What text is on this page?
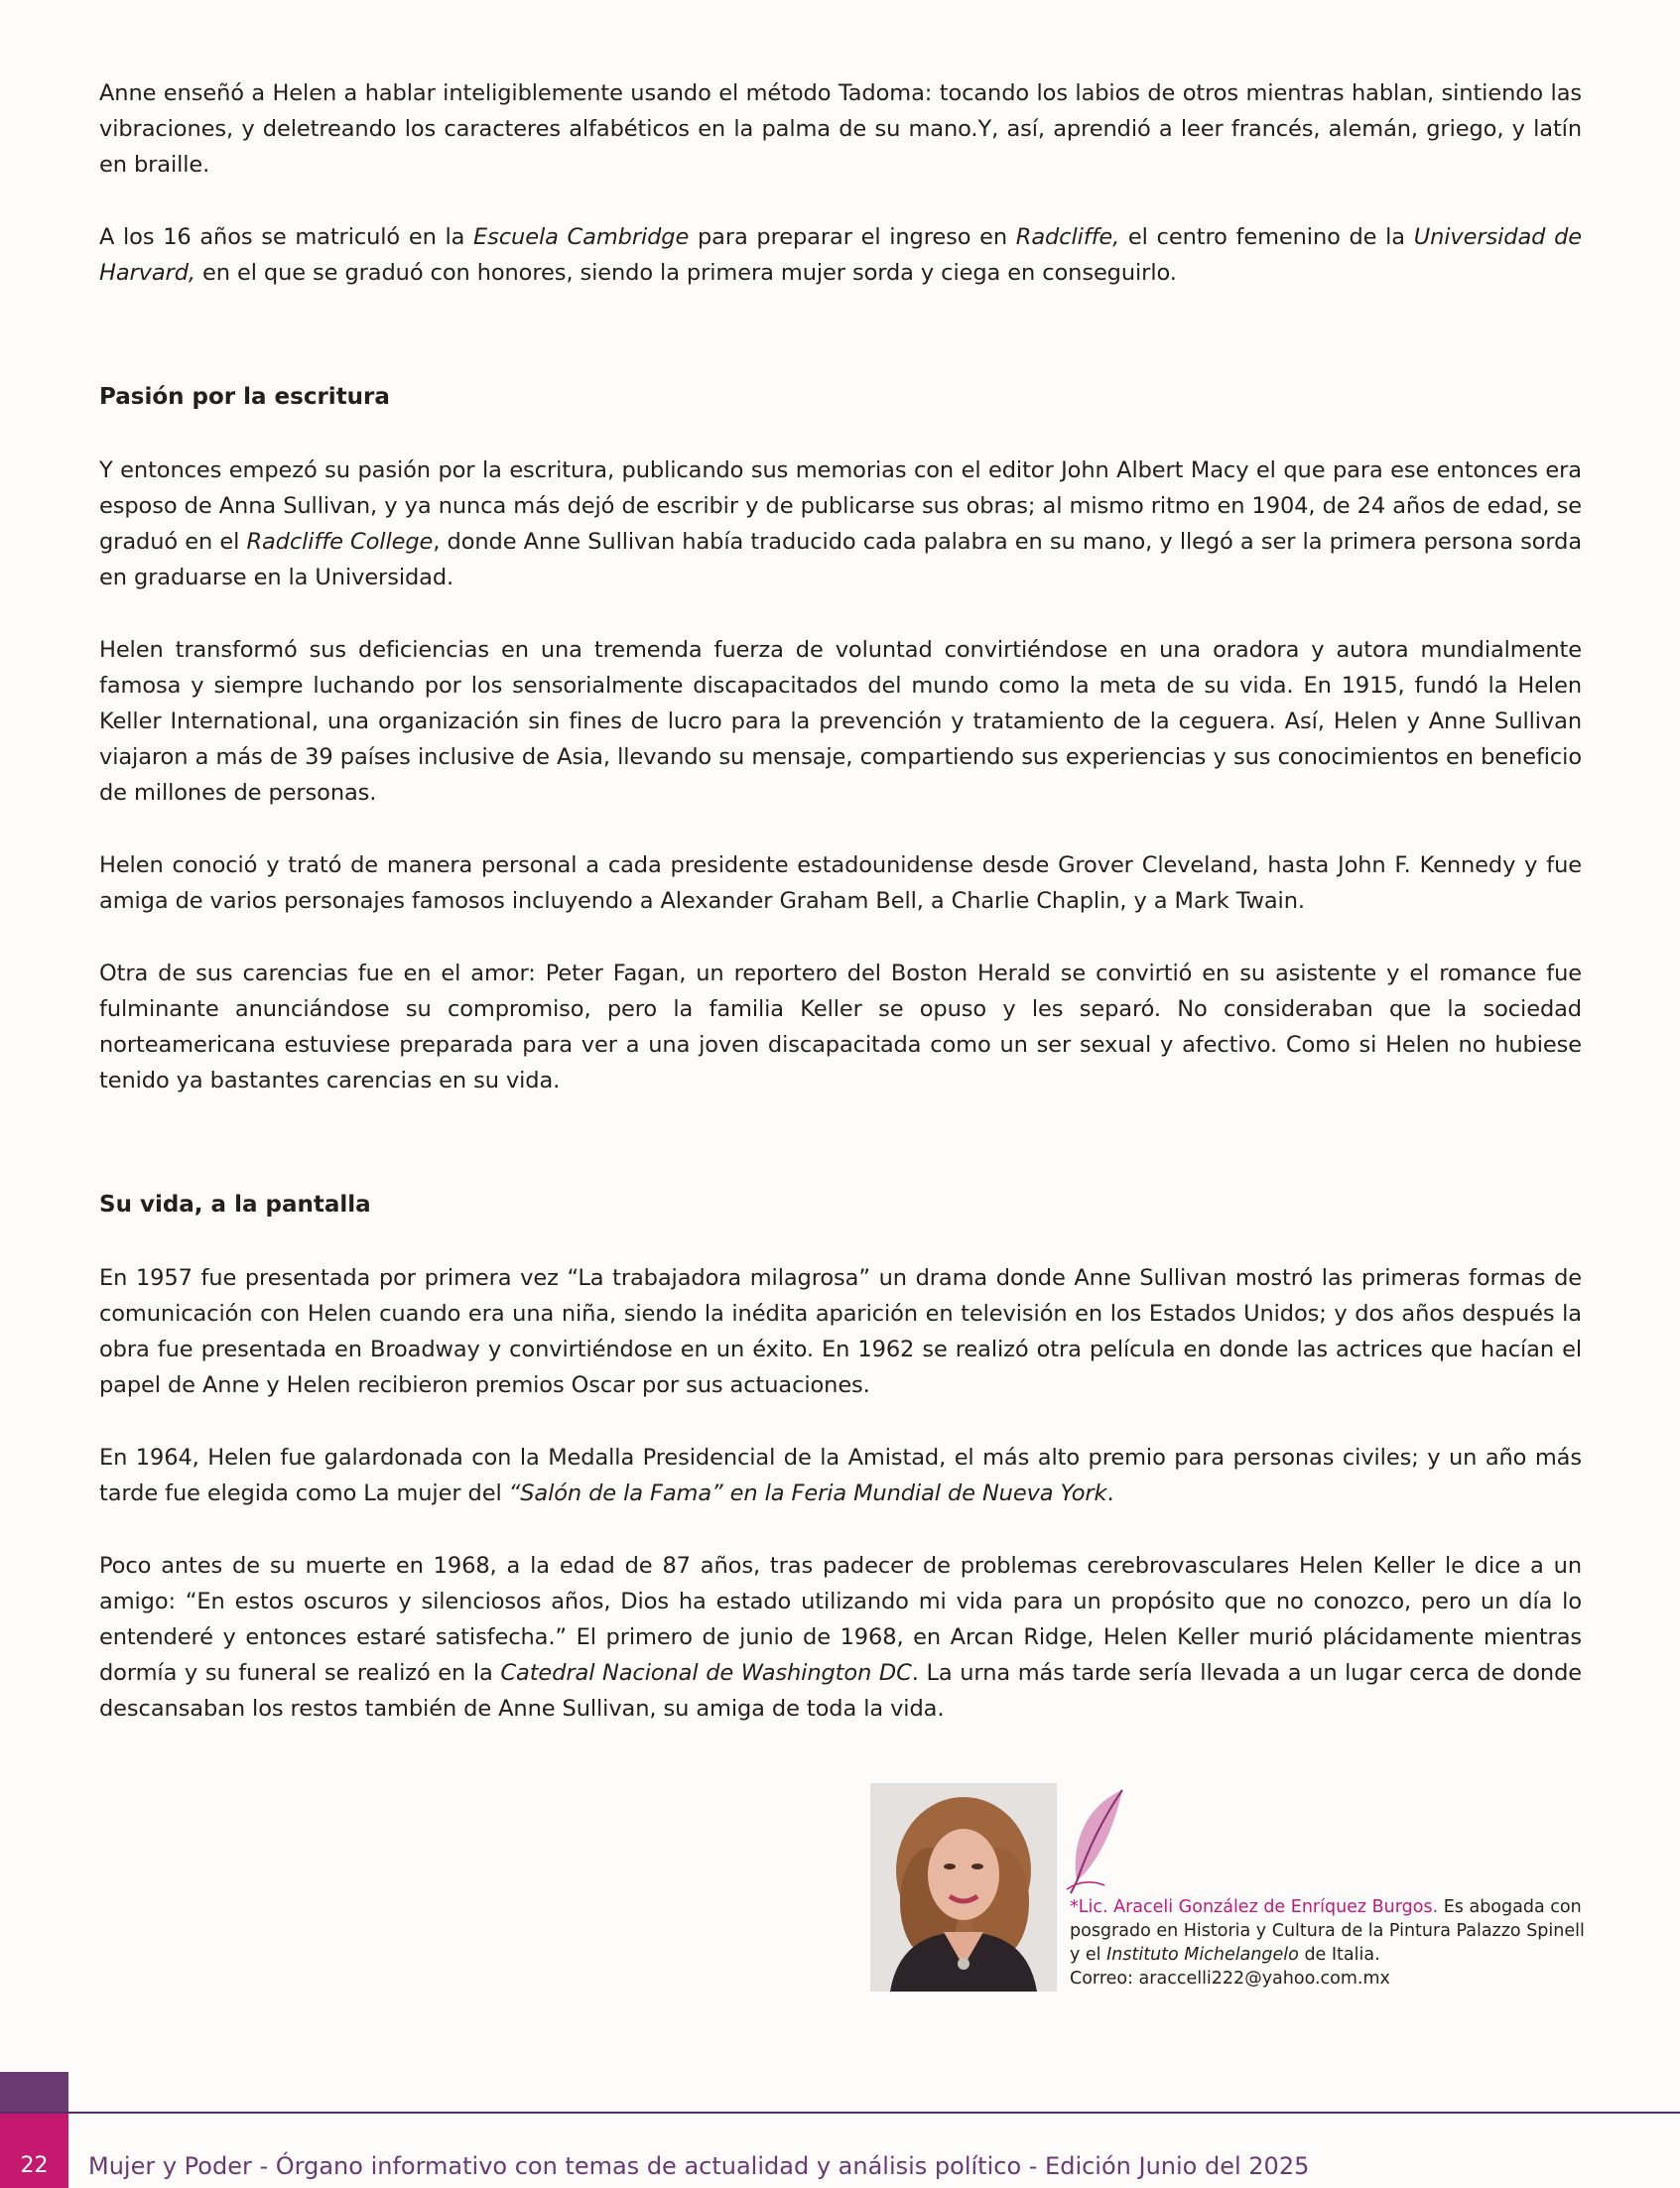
Anne enseñó a Helen a hablar inteligiblemente usando el método Tadoma: tocando los labios de otros mientras hablan, sintiendo las vibraciones, y deletreando los caracteres alfabéticos en la palma de su mano.Y, así, aprendió a leer francés, alemán, griego, y latín en braille.

A los 16 años se matriculó en la Escuela Cambridge para preparar el ingreso en Radcliffe, el centro femenino de la Universidad de Harvard, en el que se graduó con honores, siendo la primera mujer sorda y ciega en conseguirlo.

Pasión por la escritura

Y entonces empezó su pasión por la escritura, publicando sus memorias con el editor John Albert Macy el que para ese entonces era esposo de Anna Sullivan, y ya nunca más dejó de escribir y de publicarse sus obras; al mismo ritmo en 1904, de 24 años de edad, se graduó en el Radcliffe College, donde Anne Sullivan había traducido cada palabra en su mano, y llegó a ser la primera persona sorda en graduarse en la Universidad.

Helen transformó sus deficiencias en una tremenda fuerza de voluntad convirtiéndose en una oradora y autora mundialmente famosa y siempre luchando por los sensorialmente discapacitados del mundo como la meta de su vida. En 1915, fundó la Helen Keller International, una organización sin fines de lucro para la prevención y tratamiento de la ceguera. Así, Helen y Anne Sullivan viajaron a más de 39 países inclusive de Asia, llevando su mensaje, compartiendo sus experiencias y sus conocimientos en beneficio de millones de personas.

Helen conoció y trató de manera personal a cada presidente estadounidense desde Grover Cleveland, hasta John F. Kennedy y fue amiga de varios personajes famosos incluyendo a Alexander Graham Bell, a Charlie Chaplin, y a Mark Twain.

Otra de sus carencias fue en el amor: Peter Fagan, un reportero del Boston Herald se convirtió en su asistente y el romance fue fulminante anunciándose su compromiso, pero la familia Keller se opuso y les separó. No consideraban que la sociedad norteamericana estuviese preparada para ver a una joven discapacitada como un ser sexual y afectivo. Como si Helen no hubiese tenido ya bastantes carencias en su vida.

Su vida, a la pantalla

En 1957 fue presentada por primera vez “La trabajadora milagrosa” un drama donde Anne Sullivan mostró las primeras formas de comunicación con Helen cuando era una niña, siendo la inédita aparición en televisión en los Estados Unidos; y dos años después la obra fue presentada en Broadway y convirtiéndose en un éxito. En 1962 se realizó otra película en donde las actrices que hacían el papel de Anne y Helen recibieron premios Oscar por sus actuaciones.

En 1964, Helen fue galardonada con la Medalla Presidencial de la Amistad, el más alto premio para personas civiles; y un año más tarde fue elegida como La mujer del “Salón de la Fama” en la Feria Mundial de Nueva York.

Poco antes de su muerte en 1968, a la edad de 87 años, tras padecer de problemas cerebrovasculares Helen Keller le dice a un amigo: “En estos oscuros y silenciosos años, Dios ha estado utilizando mi vida para un propósito que no conozco, pero un día lo entenderé y entonces estaré satisfecha.” El primero de junio de 1968, en Arcan Ridge, Helen Keller murió plácidamente mientras dormía y su funeral se realizó en la Catedral Nacional de Washington DC. La urna más tarde sería llevada a un lugar cerca de donde descansaban los restos también de Anne Sullivan, su amiga de toda la vida.

*Lic. Araceli González de Enríquez Burgos. Es abogada con posgrado en Historia y Cultura de la Pintura Palazzo Spinell y el Instituto Michelangelo de Italia.
Correo: araccelli222@yahoo.com.mx
22	Mujer y Poder - Órgano informativo con temas de actualidad y análisis político - Edición Junio del 2025
